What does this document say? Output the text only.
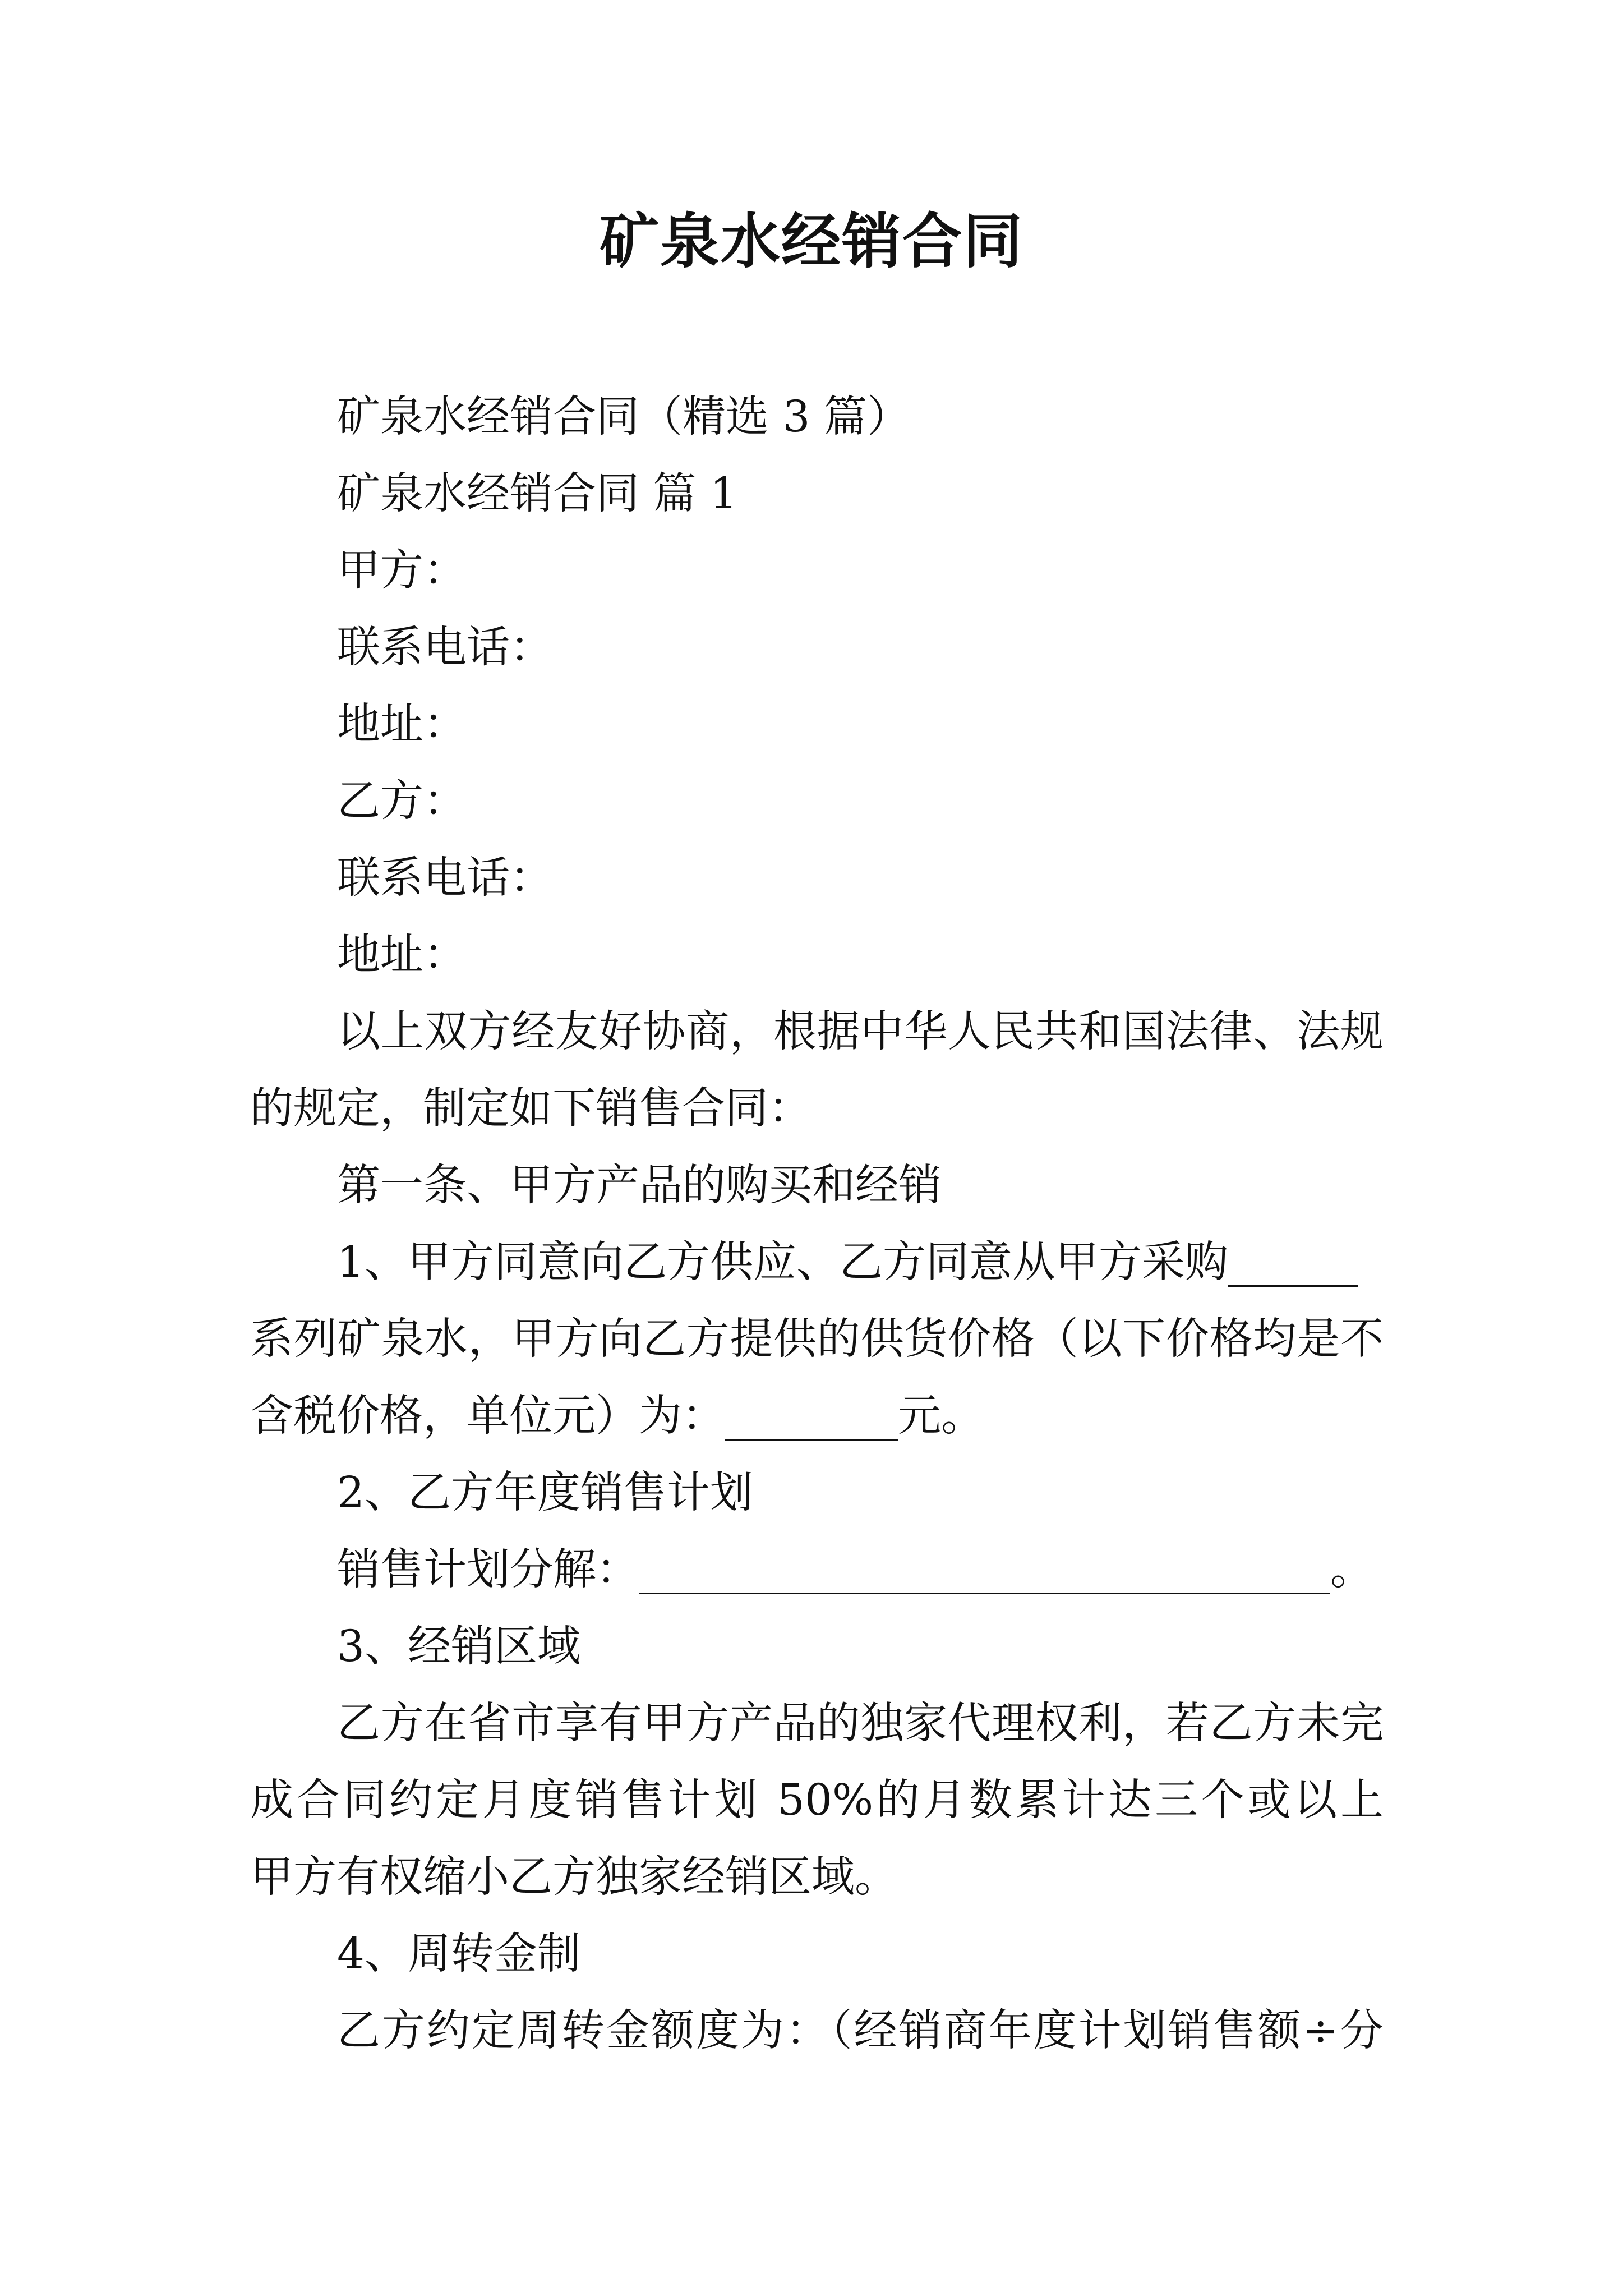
矿泉水经销合同
矿泉水经销合同（精选 3 篇）
矿泉水经销合同 篇 1
甲方：
联系电话：
地址：
乙方：
联系电话：
地址：
以上双方经友好协商，根据中华人民共和国法律、法规
的规定，制定如下销售合同：
第一条、甲方产品的购买和经销
1、甲方同意向乙方供应、乙方同意从甲方采购______
系列矿泉水，甲方向乙方提供的供货价格（以下价格均是不
含税价格，单位元）为：________元。
2、乙方年度销售计划
销售计划分解：________________________________。
3、经销区域
乙方在省市享有甲方产品的独家代理权利，若乙方未完
成合同约定月度销售计划 50%的月数累计达三个或以上
甲方有权缩小乙方独家经销区域。
4、周转金制
乙方约定周转金额度为：（经销商年度计划销售额÷分
